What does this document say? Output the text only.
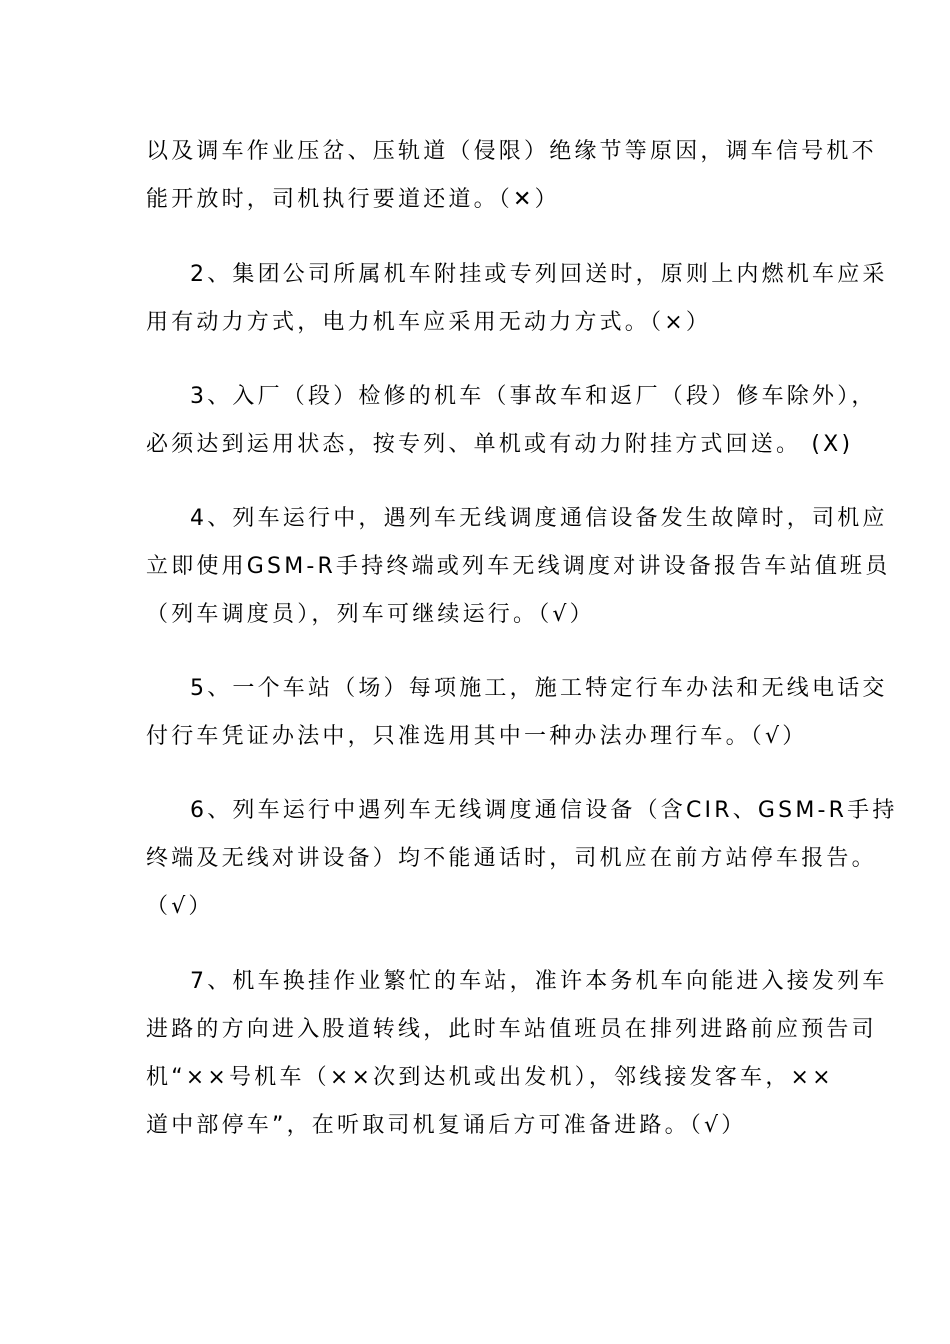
以及调车作业压岔、压轨道（侵限）绝缘节等原因，调车信号机不
能开放时，司机执行要道还道。（✕）
2、集团公司所属机车附挂或专列回送时，原则上内燃机车应采
用有动力方式，电力机车应采用无动力方式。（×）
3、入厂（段）检修的机车（事故车和返厂（段）修车除外），
必须达到运用状态，按专列、单机或有动力附挂方式回送。 (X)
4、列车运行中，遇列车无线调度通信设备发生故障时，司机应
立即使用GSM-R手持终端或列车无线调度对讲设备报告车站值班员
（列车调度员），列车可继续运行。（√）
5、一个车站（场）每项施工，施工特定行车办法和无线电话交
付行车凭证办法中，只准选用其中一种办法办理行车。（√）
6、列车运行中遇列车无线调度通信设备（含CIR、GSM-R手持
终端及无线对讲设备）均不能通话时，司机应在前方站停车报告。
（√）
7、机车换挂作业繁忙的车站，准许本务机车向能进入接发列车
进路的方向进入股道转线，此时车站值班员在排列进路前应预告司
机“××号机车（××次到达机或出发机），邻线接发客车，××
道中部停车”，在听取司机复诵后方可准备进路。（√）
